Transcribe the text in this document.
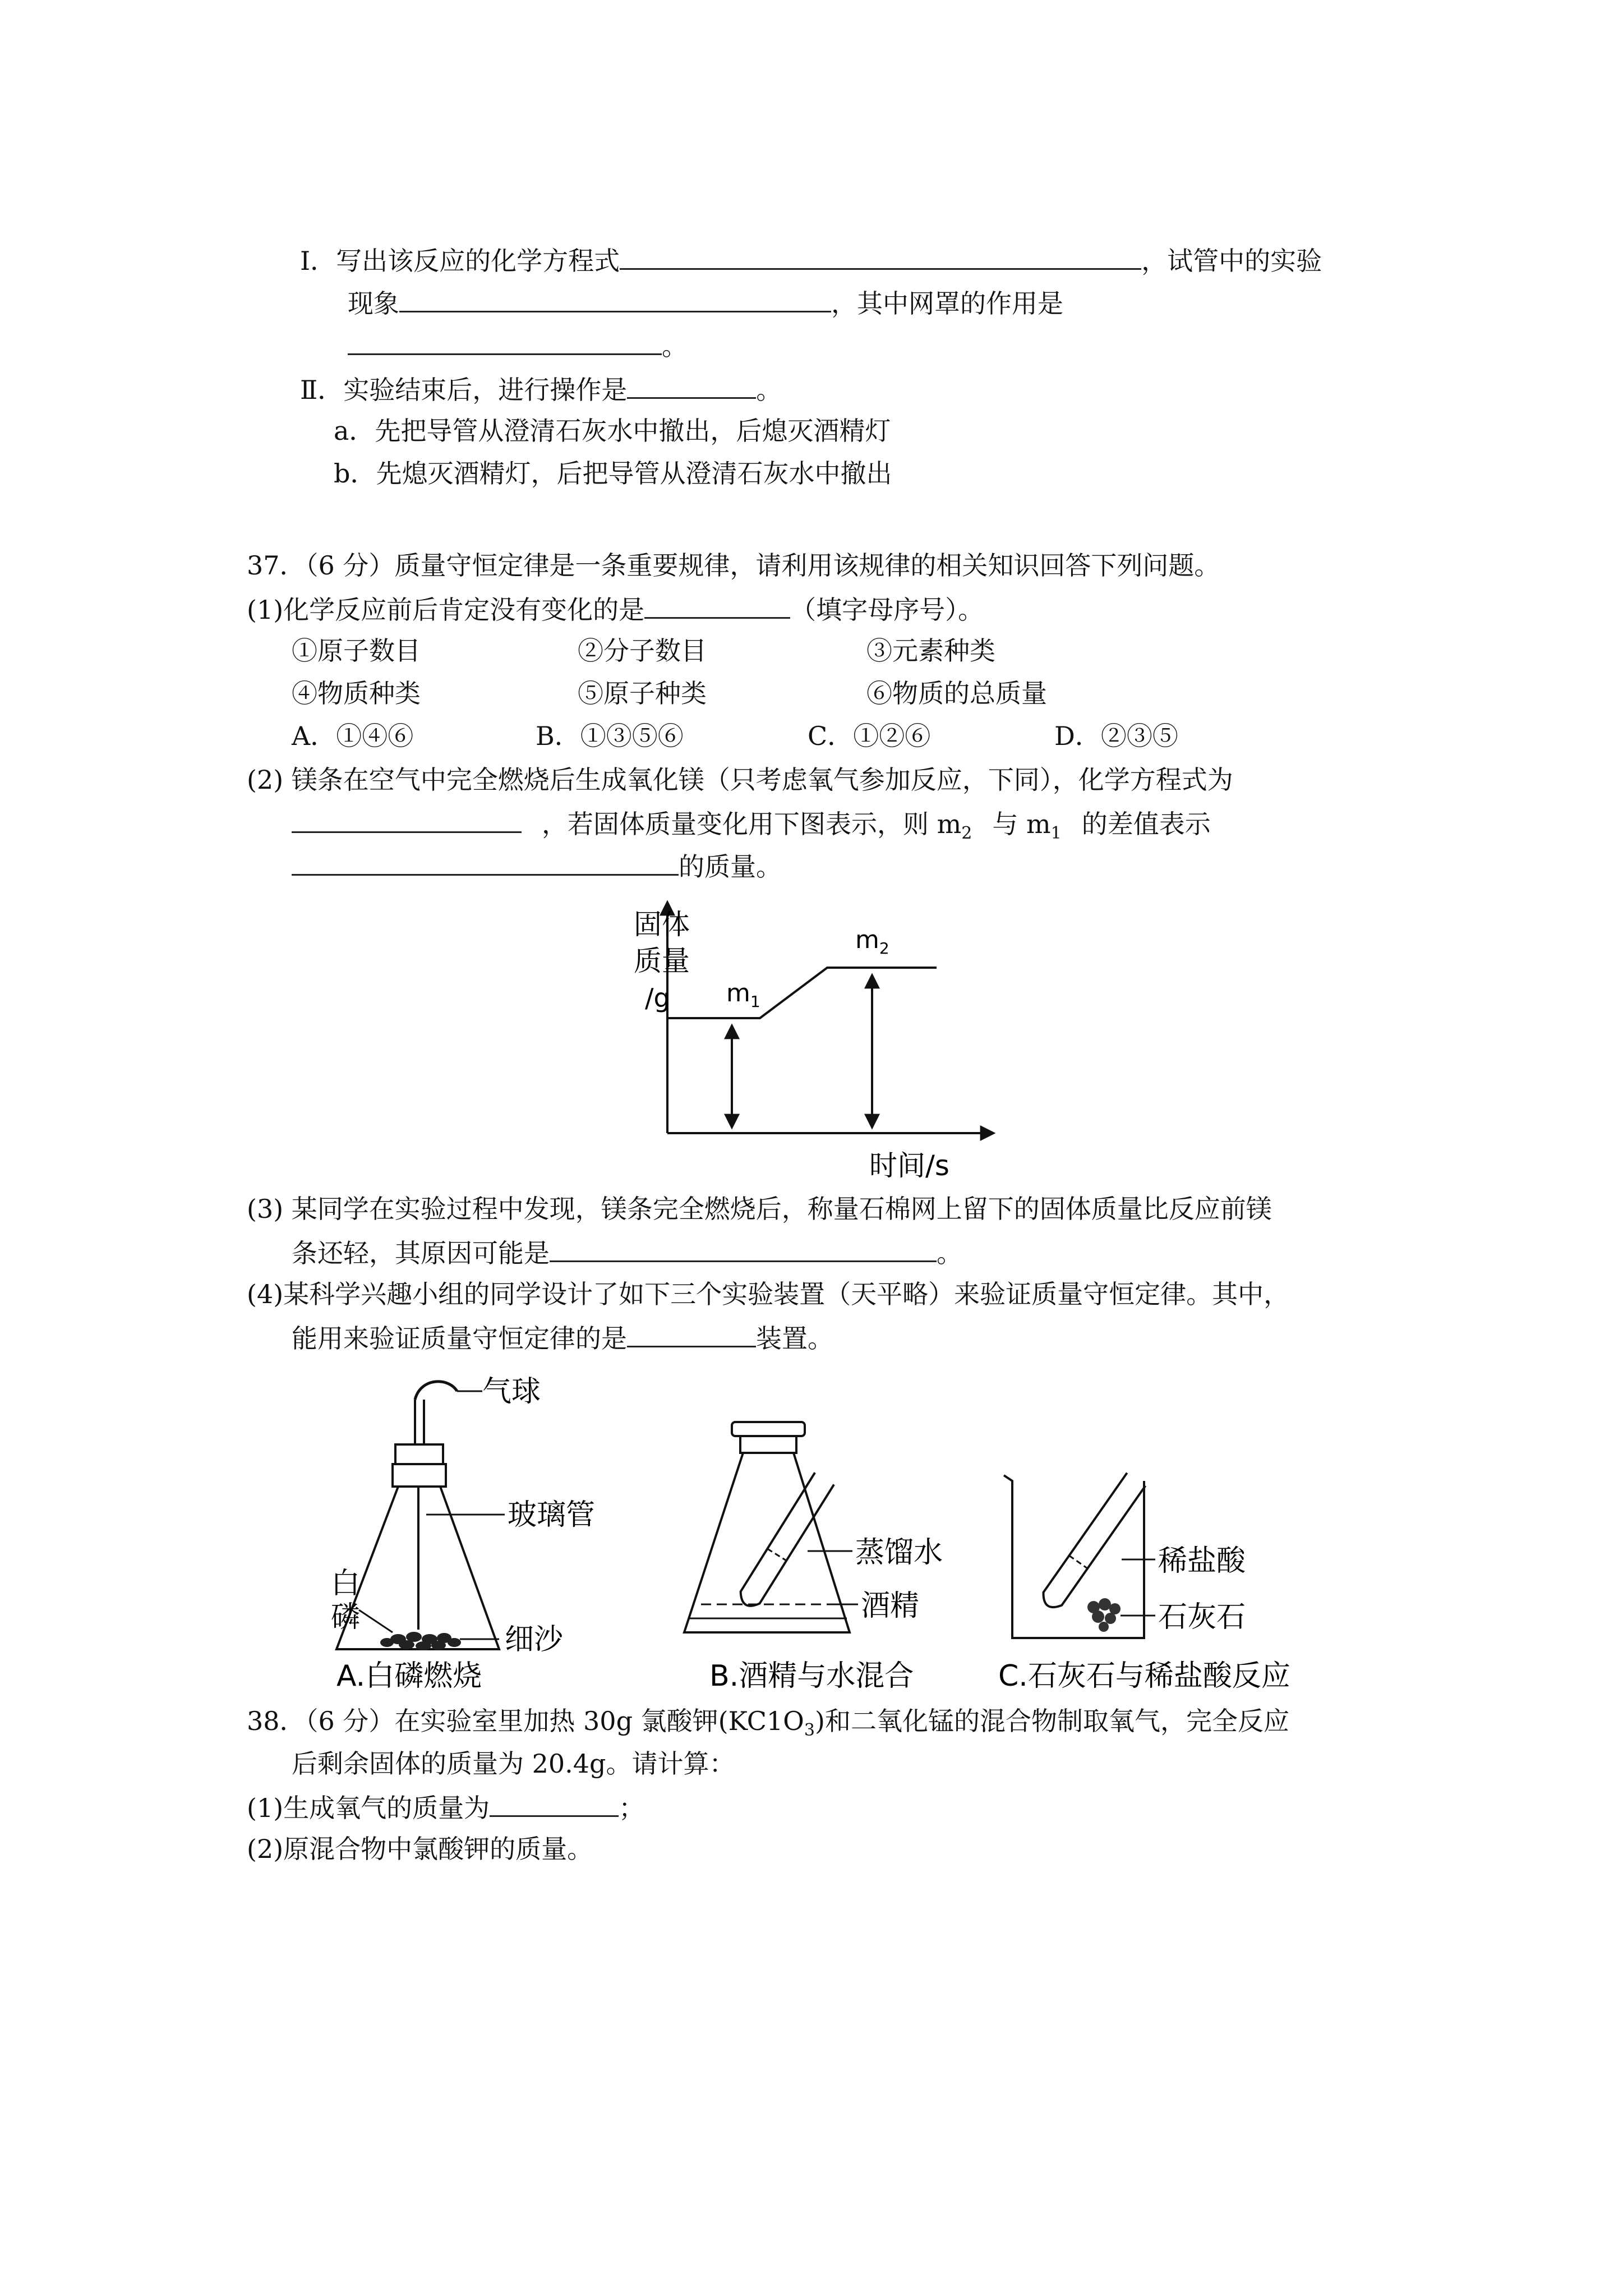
Ⅰ．写出该反应的化学方程式	，试管中的实验
现象	，其中网罩的作用是
。
Ⅱ．实验结束后，进行操作是	。
a．先把导管从澄清石灰水中撤出，后熄灭酒精灯
b．先熄灭酒精灯，后把导管从澄清石灰水中撤出
37．（6 分）质量守恒定律是一条重要规律，请利用该规律的相关知识回答下列问题。
(1)化学反应前后肯定没有变化的是	（填字母序号）。
①原子数目	②分子数目	③元素种类
④物质种类	⑤原子种类	⑥物质的总质量
A．①④⑥	B．①③⑤⑥	C．①②⑥	D．②③⑤
(2) 镁条在空气中完全燃烧后生成氧化镁（只考虑氧气参加反应，下同），化学方程式为
，若固体质量变化用下图表示，则 $m_2$ 与 $m_1$ 的差值表示
的质量。
固体
质量
/g $m_1$
$m_2$
时间/s
(3) 某同学在实验过程中发现，镁条完全燃烧后，称量石棉网上留下的固体质量比反应前镁
条还轻，其原因可能是	。
(4)某科学兴趣小组的同学设计了如下三个实验装置（天平略）来验证质量守恒定律。其中，
能用来验证质量守恒定律的是	装置。
气球
玻璃管
白
磷
细沙
A.白磷燃烧
蒸馏水
酒精
B.酒精与水混合
稀盐酸
石灰石
C.石灰石与稀盐酸反应
38．（6 分）在实验室里加热 30g 氯酸钾$(KC1O_3)$和二氧化锰的混合物制取氧气，完全反应
后剩余固体的质量为 20.4g。请计算：
(1)生成氧气的质量为	；
(2)原混合物中氯酸钾的质量。
